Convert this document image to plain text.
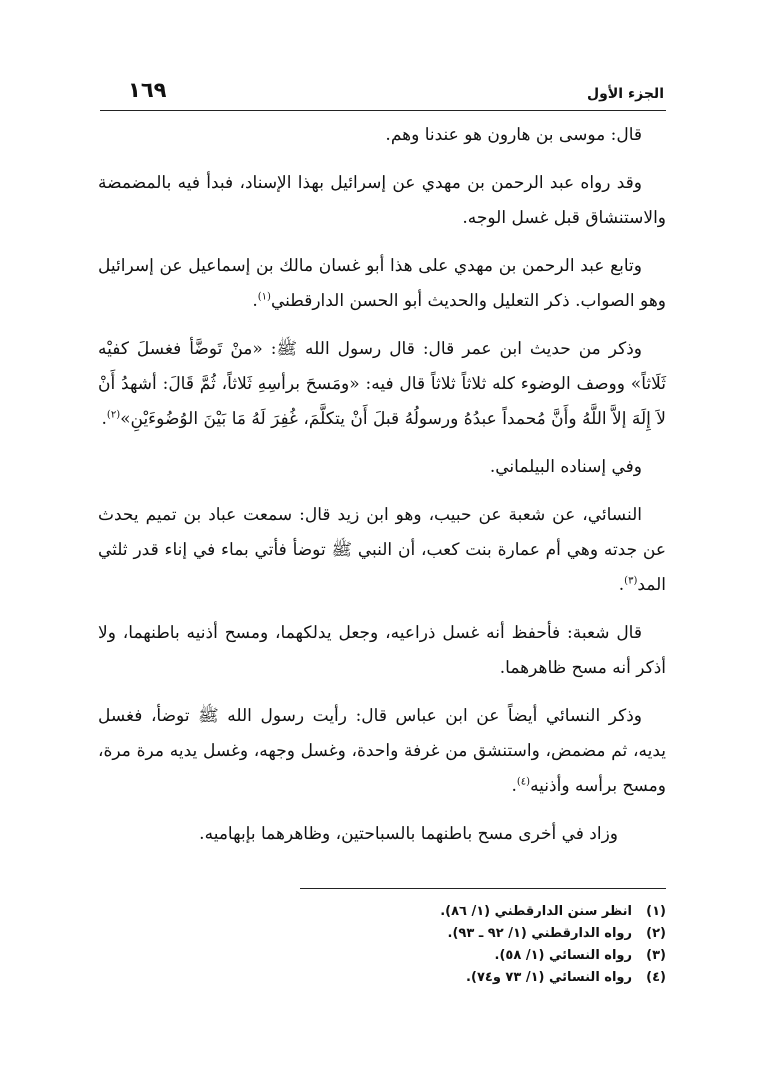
١٦٩	الجزء الأول

قال: موسى بن هارون هو عندنا وهم.

وقد رواه عبد الرحمن بن مهدي عن إسرائيل بهذا الإسناد، فبدأ فيه بالمضمضة والاستنشاق قبل غسل الوجه.

وتابع عبد الرحمن بن مهدي على هذا أبو غسان مالك بن إسماعيل عن إسرائيل وهو الصواب. ذكر التعليل والحديث أبو الحسن الدارقطني$^{(١)}$.

وذكر من حديث ابن عمر قال: قال رسول الله ﷺ: «منْ تَوضَّأ فغسلَ كفيْه ثَلَاثاً» ووصف الوضوء كله ثلاثاً ثلاثاً قال فيه: «ومَسحَ برأسِهِ ثَلاثاً، ثُمَّ قَالَ: أشهدُ أَنْ لاَ إِلَهَ إلاَّ اللَّهُ وأَنَّ مُحمداً عبدُهُ ورسولُهُ قبلَ أَنْ يتكلَّمَ، غُفِرَ لَهُ مَا بَيْنَ الوُضُوءَيْنِ»$^{(٢)}$.

وفي إسناده البيلماني.

النسائي، عن شعبة عن حبيب، وهو ابن زيد قال: سمعت عباد بن تميم يحدث عن جدته وهي أم عمارة بنت كعب، أن النبي ﷺ توضأ فأتي بماء في إناء قدر ثلثي المد$^{(٣)}$.

قال شعبة: فأحفظ أنه غسل ذراعيه، وجعل يدلكهما، ومسح أذنيه باطنهما، ولا أذكر أنه مسح ظاهرهما.

وذكر النسائي أيضاً عن ابن عباس قال: رأيت رسول الله ﷺ توضأ، فغسل يديه، ثم مضمض، واستنشق من غرفة واحدة، وغسل وجهه، وغسل يديه مرة مرة، ومسح برأسه وأذنيه$^{(٤)}$.

وزاد في أخرى مسح باطنهما بالسباحتين، وظاهرهما بإبهاميه.

(١)انظر سنن الدارقطني (١/ ٨٦).
(٢)رواه الدارقطني (١/ ٩٢ ـ ٩٣).
(٣)رواه النسائي (١/ ٥٨).
(٤)رواه النسائي (١/ ٧٣ و٧٤).
